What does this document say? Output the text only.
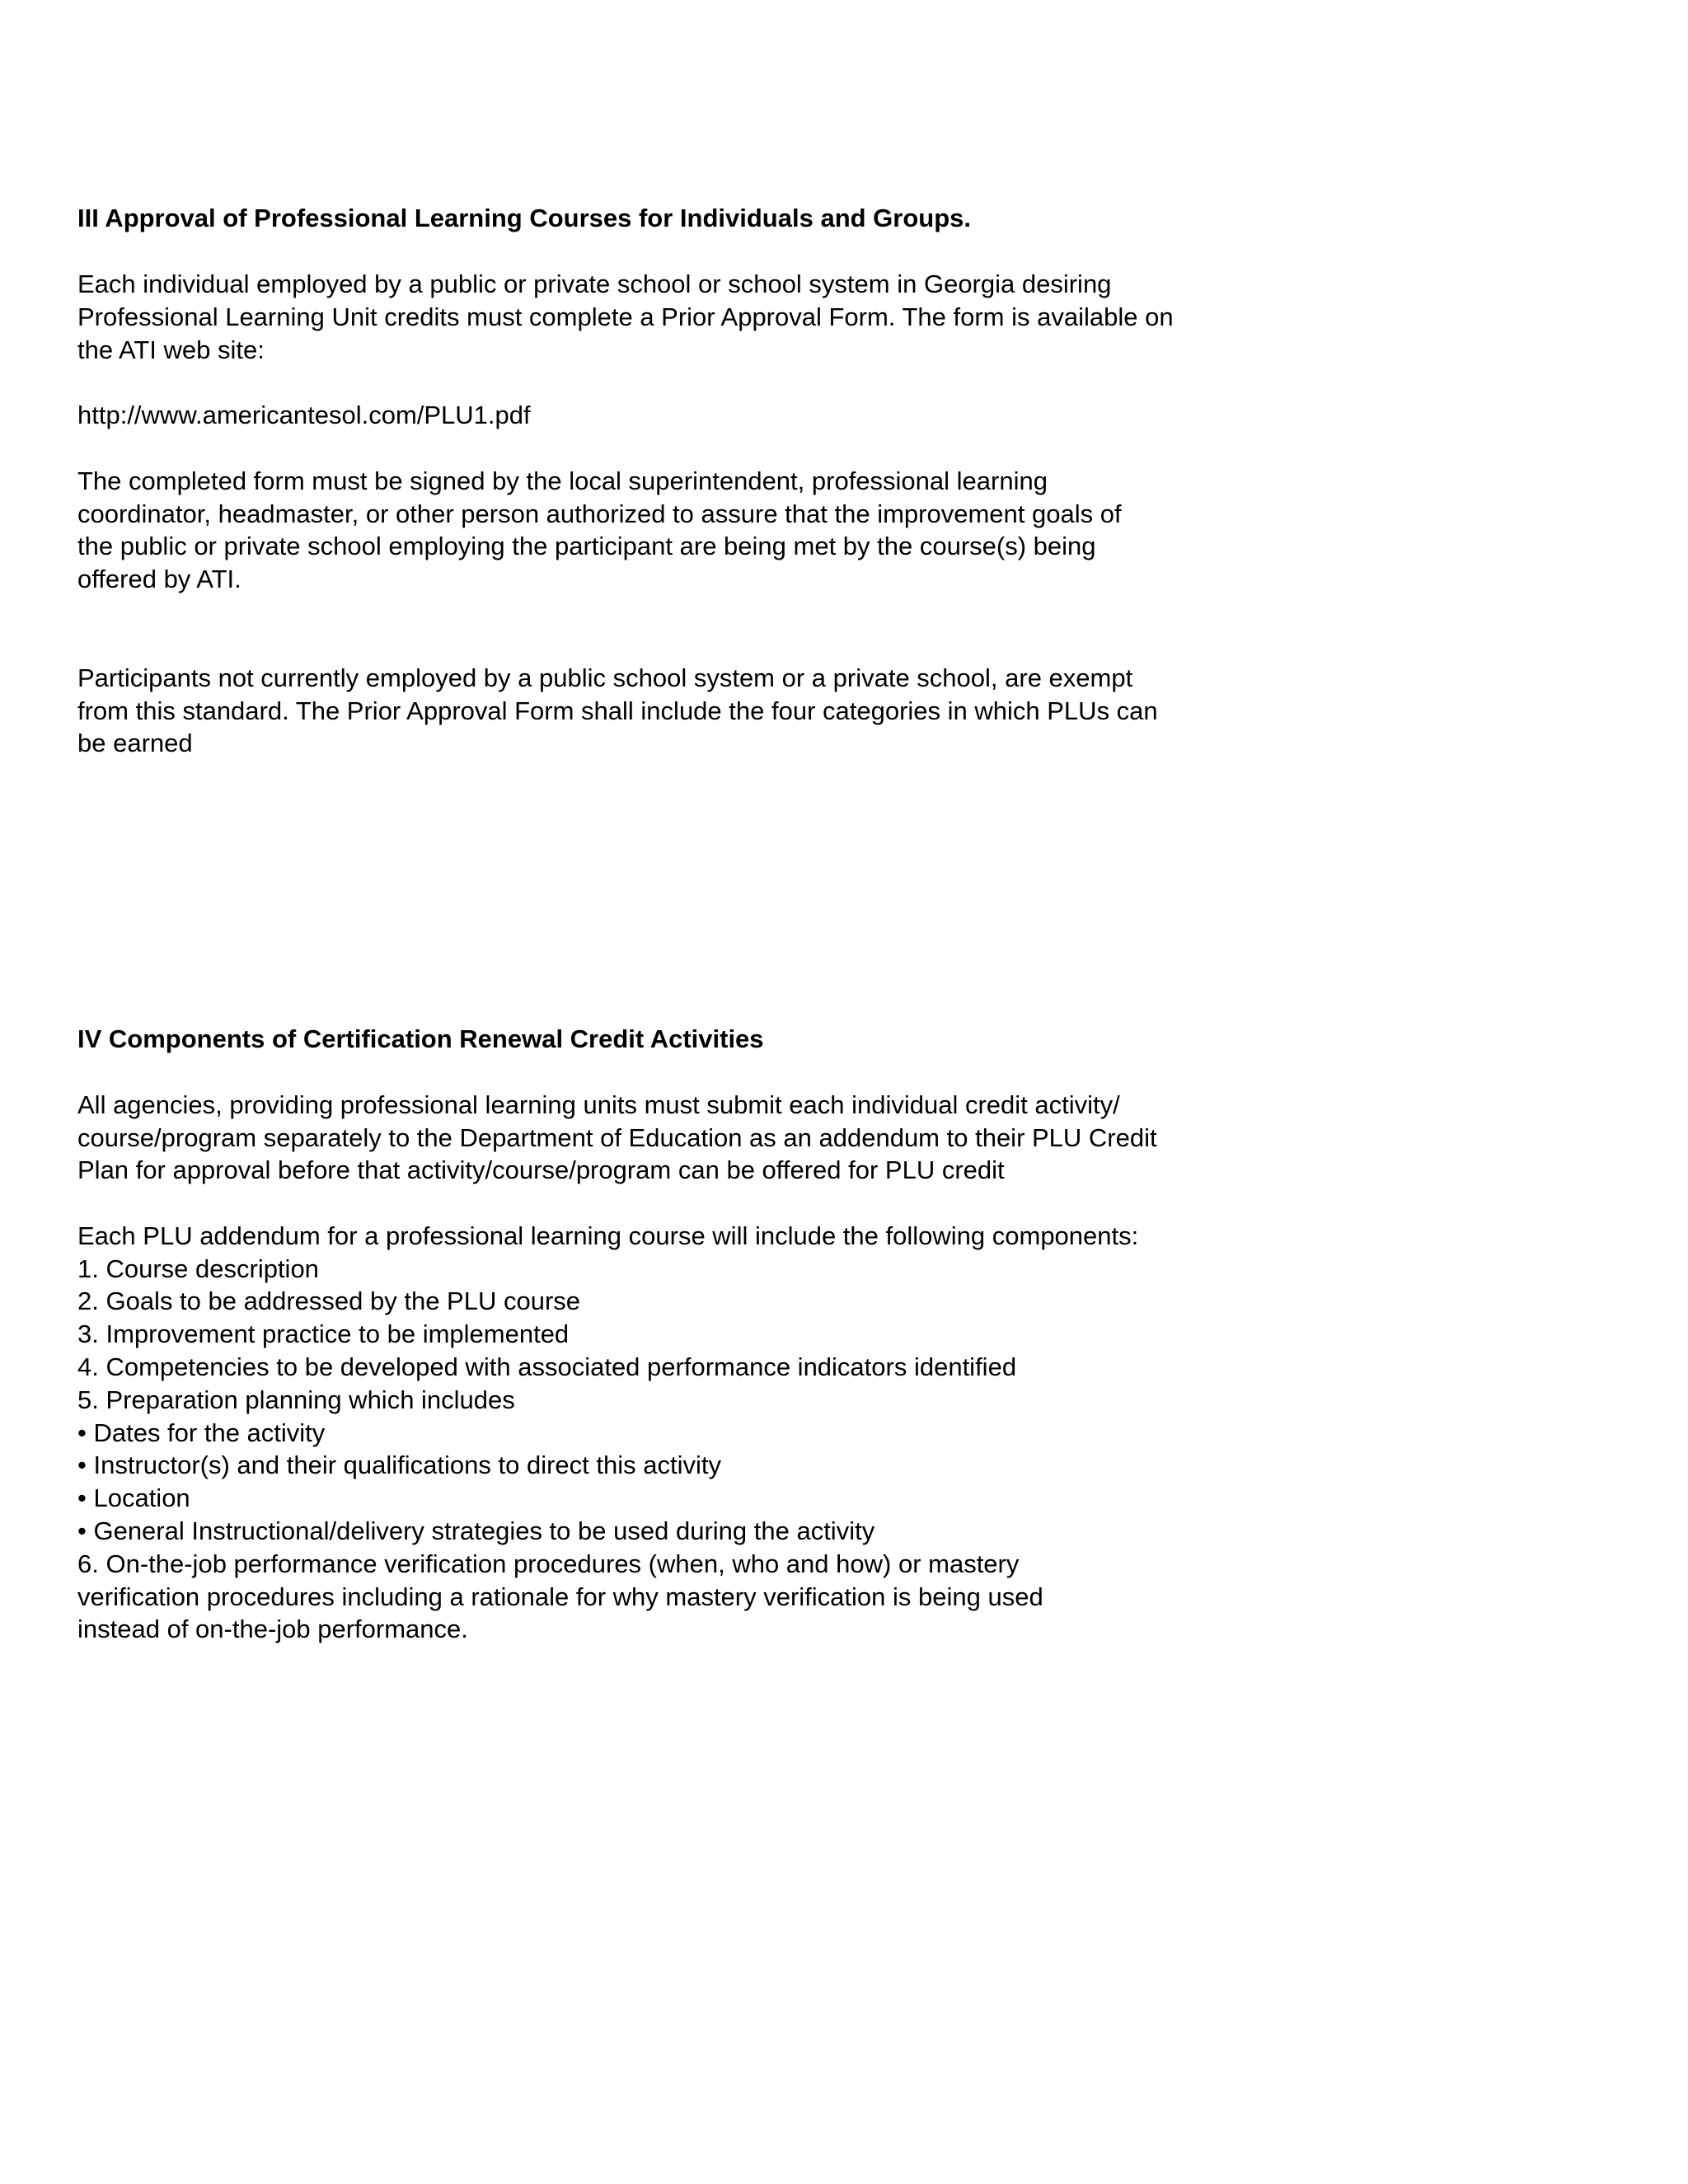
III Approval of Professional Learning Courses for Individuals and Groups.

Each individual employed by a public or private school or school system in Georgia desiring

Professional Learning Unit credits must complete a Prior Approval Form. The form is available on

the ATI web site:

http://www.americantesol.com/PLU1.pdf

The completed form must be signed by the local superintendent, professional learning

coordinator, headmaster, or other person authorized to assure that the improvement goals of

the public or private school employing the participant are being met by the course(s) being

offered by ATI.

Participants not currently employed by a public school system or a private school, are exempt

from this standard. The Prior Approval Form shall include the four categories in which PLUs can

be earned

IV Components of Certification Renewal Credit Activities

All agencies, providing professional learning units must submit each individual credit activity/

course/program separately to the Department of Education as an addendum to their PLU Credit

Plan for approval before that activity/course/program can be offered for PLU credit

Each PLU addendum for a professional learning course will include the following components:

1. Course description

2. Goals to be addressed by the PLU course

3. Improvement practice to be implemented

4. Competencies to be developed with associated performance indicators identified

5. Preparation planning which includes

• Dates for the activity

• Instructor(s) and their qualifications to direct this activity

• Location

• General Instructional/delivery strategies to be used during the activity

6. On-the-job performance verification procedures (when, who and how) or mastery

verification procedures including a rationale for why mastery verification is being used

instead of on-the-job performance.
